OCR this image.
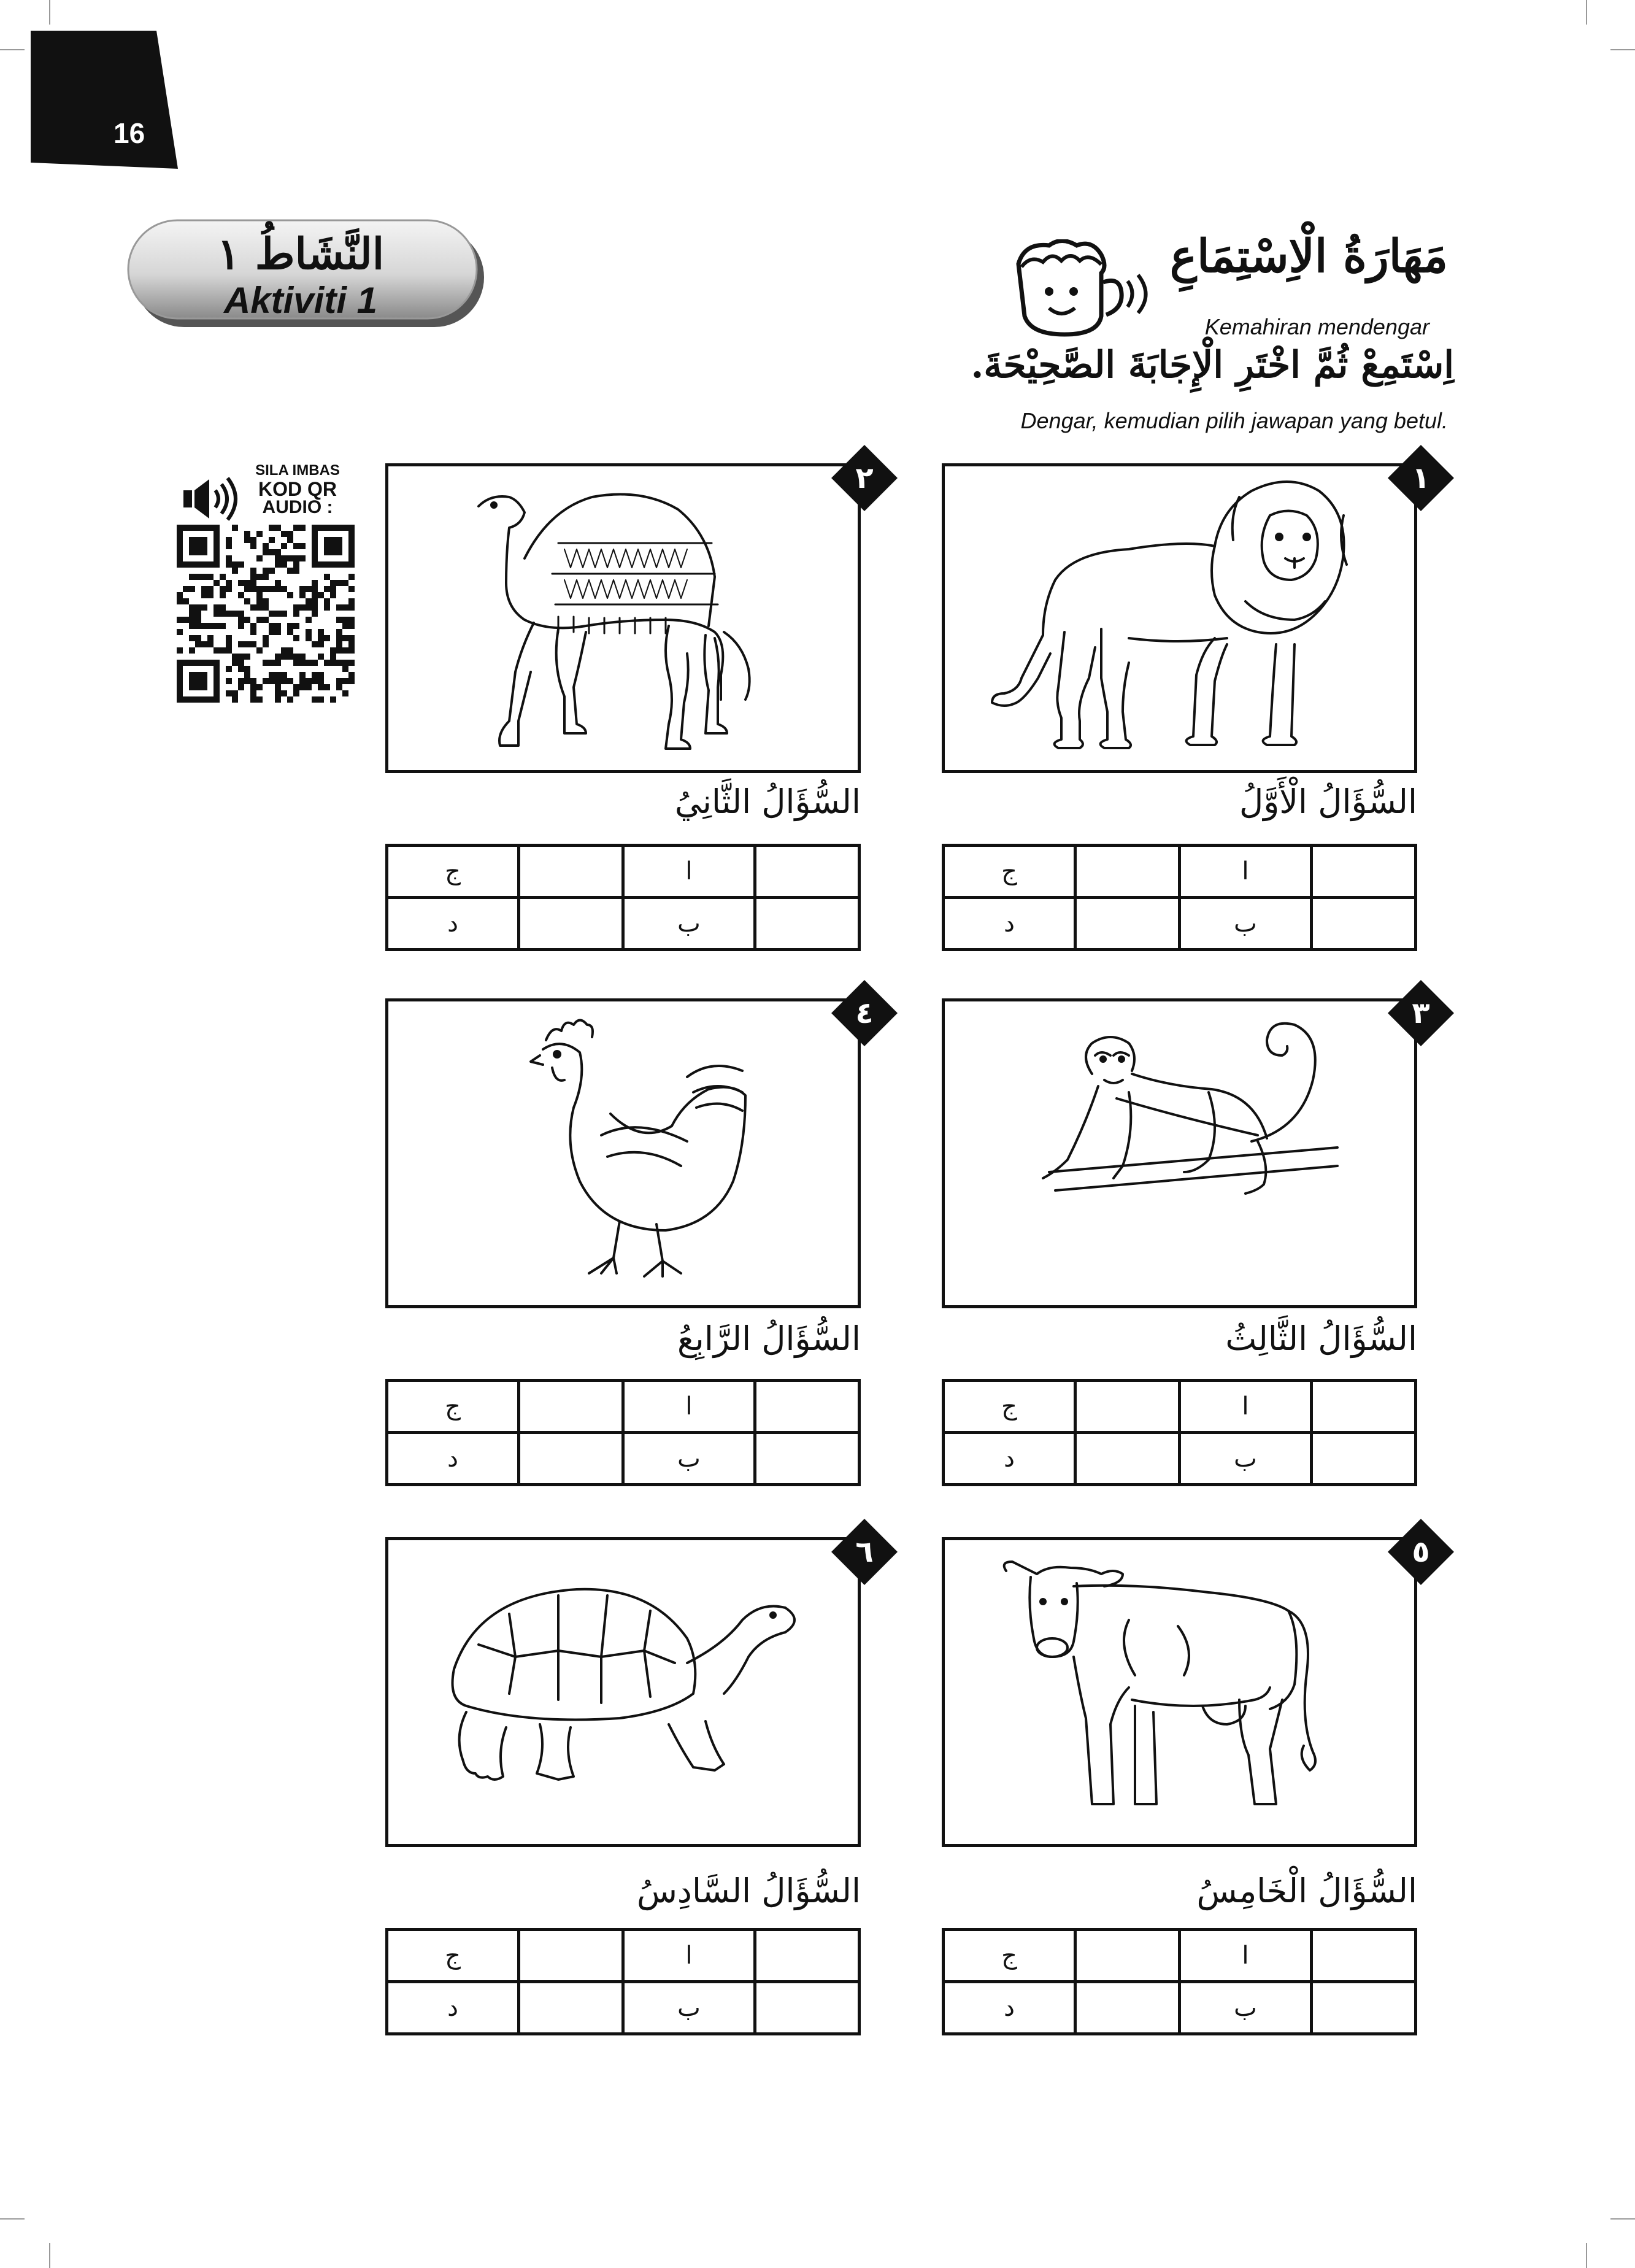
16
النَّشَاطُ ١
Aktiviti 1
مَهَارَةُ الْاِسْتِمَاعِ
Kemahiran mendengar
اِسْتَمِعْ ثُمَّ اخْتَرِ الْإِجَابَةَ الصَّحِيْحَةَ.
Dengar, kemudian pilih jawapan yang betul.
SILA IMBAS
KOD QR
AUDIO :
١
السُّؤَالُ الْأَوَّلُ
ج		ا	
د		ب	
٢
السُّؤَالُ الثَّانِيُ
ج		ا	
د		ب	
٣
السُّؤَالُ الثَّالِثُ
ج		ا	
د		ب	
٤
السُّؤَالُ الرَّابِعُ
ج		ا	
د		ب	
٥
السُّؤَالُ الْخَامِسُ
ج		ا	
د		ب	
٦
السُّؤَالُ السَّادِسُ
ج		ا	
د		ب	
